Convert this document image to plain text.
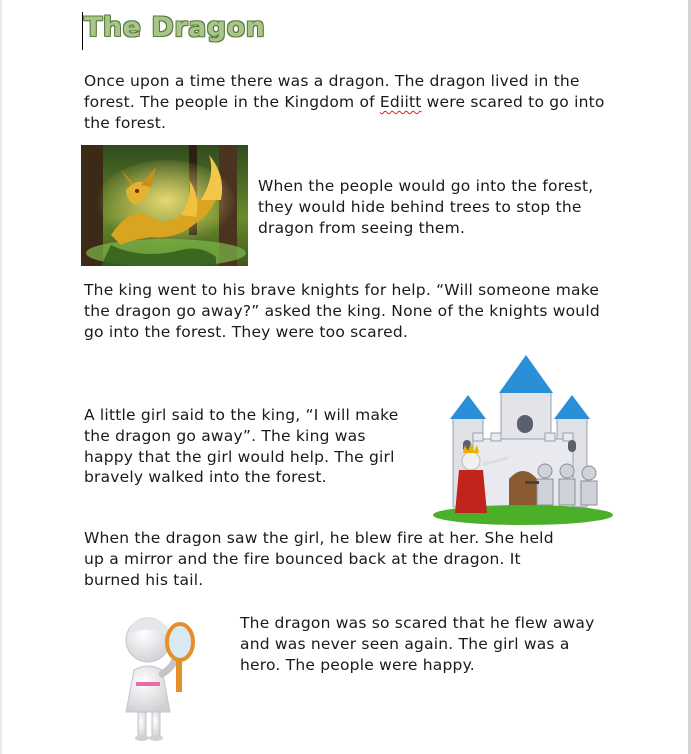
The Dragon

Once upon a time there was a dragon. The dragon lived in the forest. The people in the Kingdom of Ediitt were scared to go into the forest.

When the people would go into the forest, they would hide behind trees to stop the dragon from seeing them.

The king went to his brave knights for help. “Will someone make the dragon go away?” asked the king. None of the knights would go into the forest. They were too scared.

A little girl said to the king, “I will make the dragon go away”. The king was happy that the girl would help. The girl bravely walked into the forest.

When the dragon saw the girl, he blew fire at her. She held up a mirror and the fire bounced back at the dragon. It burned his tail.

The dragon was so scared that he flew away and was never seen again. The girl was a hero. The people were happy.
